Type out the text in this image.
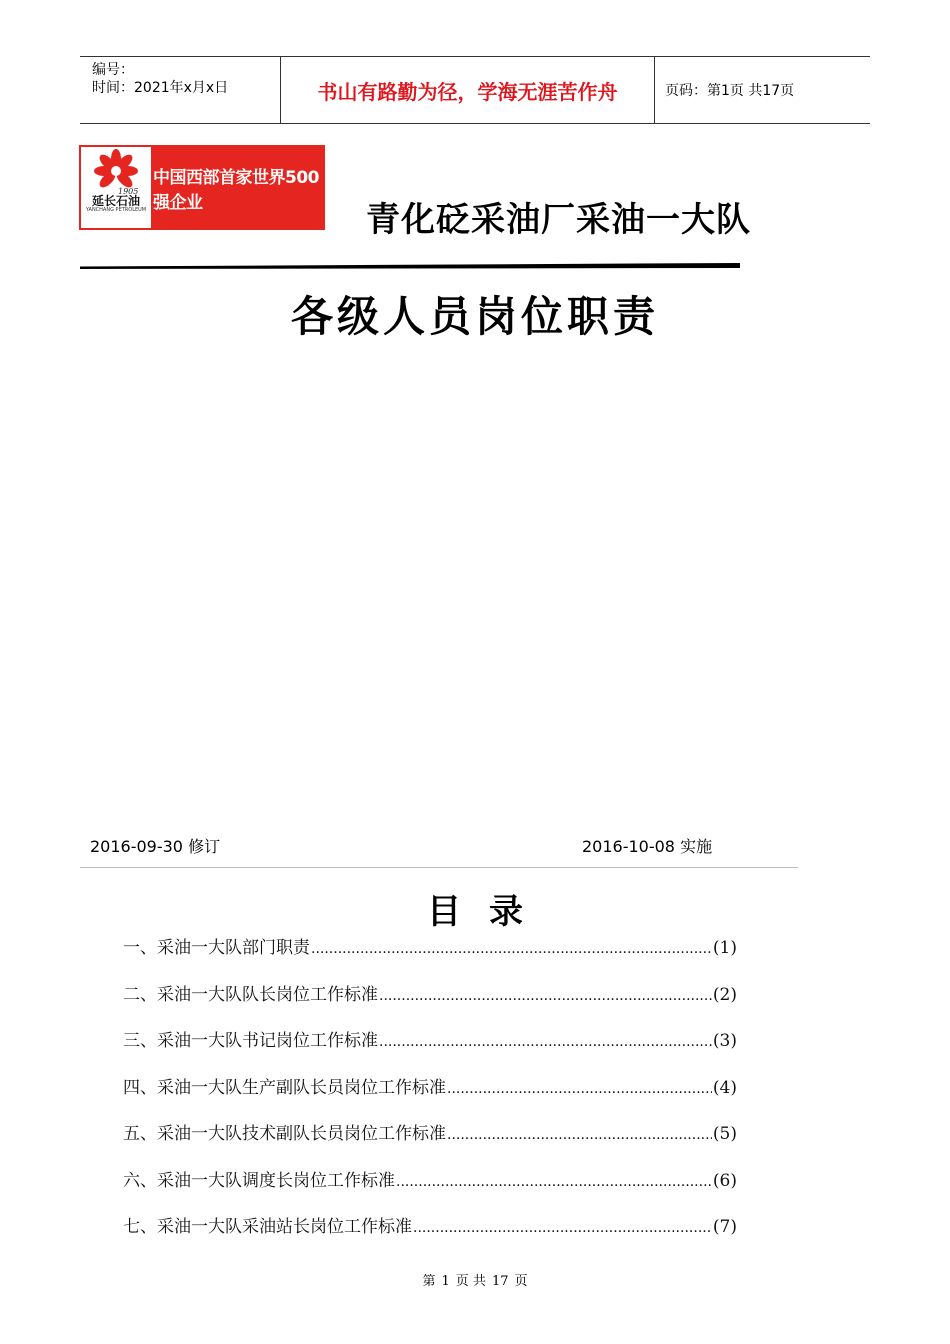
编号：
时间：2021年x月x日	书山有路勤为径，学海无涯苦作舟	页码：第1页 共17页
1905
延长石油
YANCHANG PETROLEUM
中国西部首家世界500强企业	青化砭采油厂采油一大队
各级人员岗位职责
2016-09-30 修订	2016-10-08 实施
目录
一、采油一大队部门职责 .....	(1)
二、采油一大队队长岗位工作标准 .....	(2)
三、采油一大队书记岗位工作标准 .....	(3)
四、采油一大队生产副队长员岗位工作标准 .....	(4)
五、采油一大队技术副队长员岗位工作标准 .....	(5)
六、采油一大队调度长岗位工作标准 .....	(6)
七、采油一大队采油站长岗位工作标准 .....	(7)
第 1 页 共 17 页
